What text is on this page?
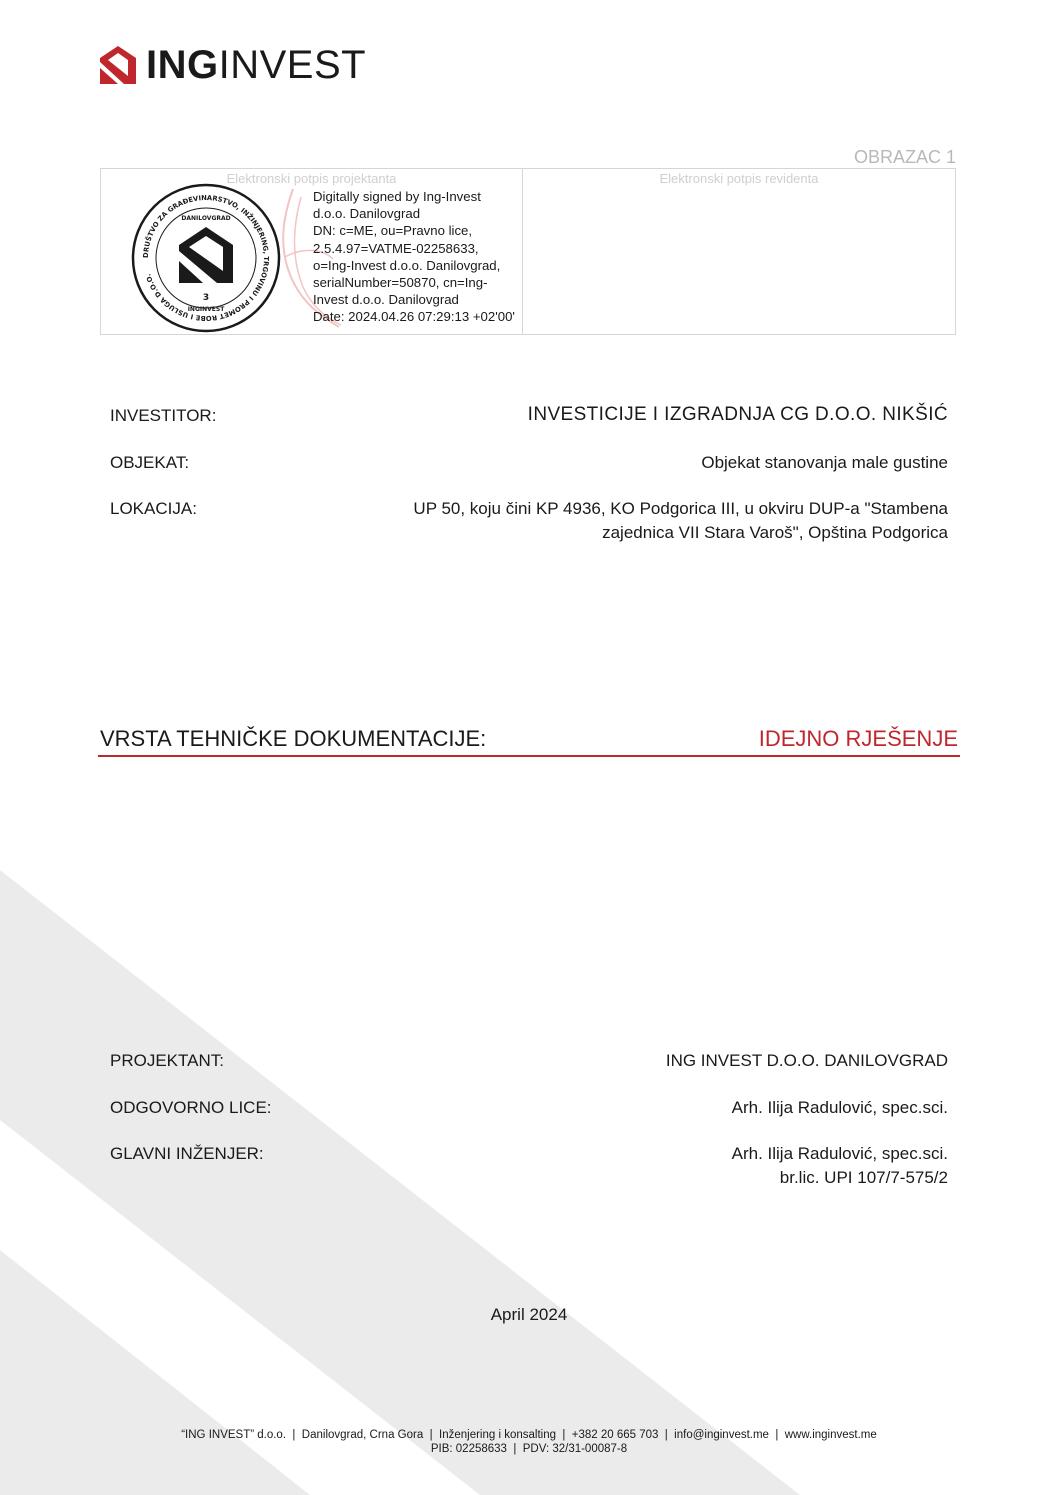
INGINVEST
OBRAZAC 1
Elektronski potpis projektanta
DRUŠTVO ZA GRAĐEVINARSTVO, INŽINJERING, TRGOVINU I PROMET ROBE I USLUGA D.O.O.
DANILOVGRAD
3
INGINVEST
Digitally signed by Ing-Invest
d.o.o. Danilovgrad
DN: c=ME, ou=Pravno lice,
2.5.4.97=VATME-02258633,
o=Ing-Invest d.o.o. Danilovgrad,
serialNumber=50870, cn=Ing-
Invest d.o.o. Danilovgrad
Date: 2024.04.26 07:29:13 +02'00'
Elektronski potpis revidenta
INVESTITOR:	INVESTICIJE I IZGRADNJA CG D.O.O. NIKŠIĆ
OBJEKAT:	Objekat stanovanja male gustine
LOKACIJA:	UP 50, koju čini KP 4936, KO Podgorica III, u okviru DUP-a "Stambena
zajednica VII Stara Varoš", Opština Podgorica
VRSTA TEHNIČKE DOKUMENTACIJE:	IDEJNO RJEŠENJE
PROJEKTANT:	ING INVEST D.O.O. DANILOVGRAD
ODGOVORNO LICE:	Arh. Ilija Radulović, spec.sci.
GLAVNI INŽENJER:	Arh. Ilija Radulović, spec.sci.
br.lic. UPI 107/7-575/2
April 2024
“ING INVEST” d.o.o.  |  Danilovgrad, Crna Gora  |  Inženjering i konsalting  |  +382 20 665 703  |  info@inginvest.me  |  www.inginvest.me
PIB: 02258633  |  PDV: 32/31-00087-8
